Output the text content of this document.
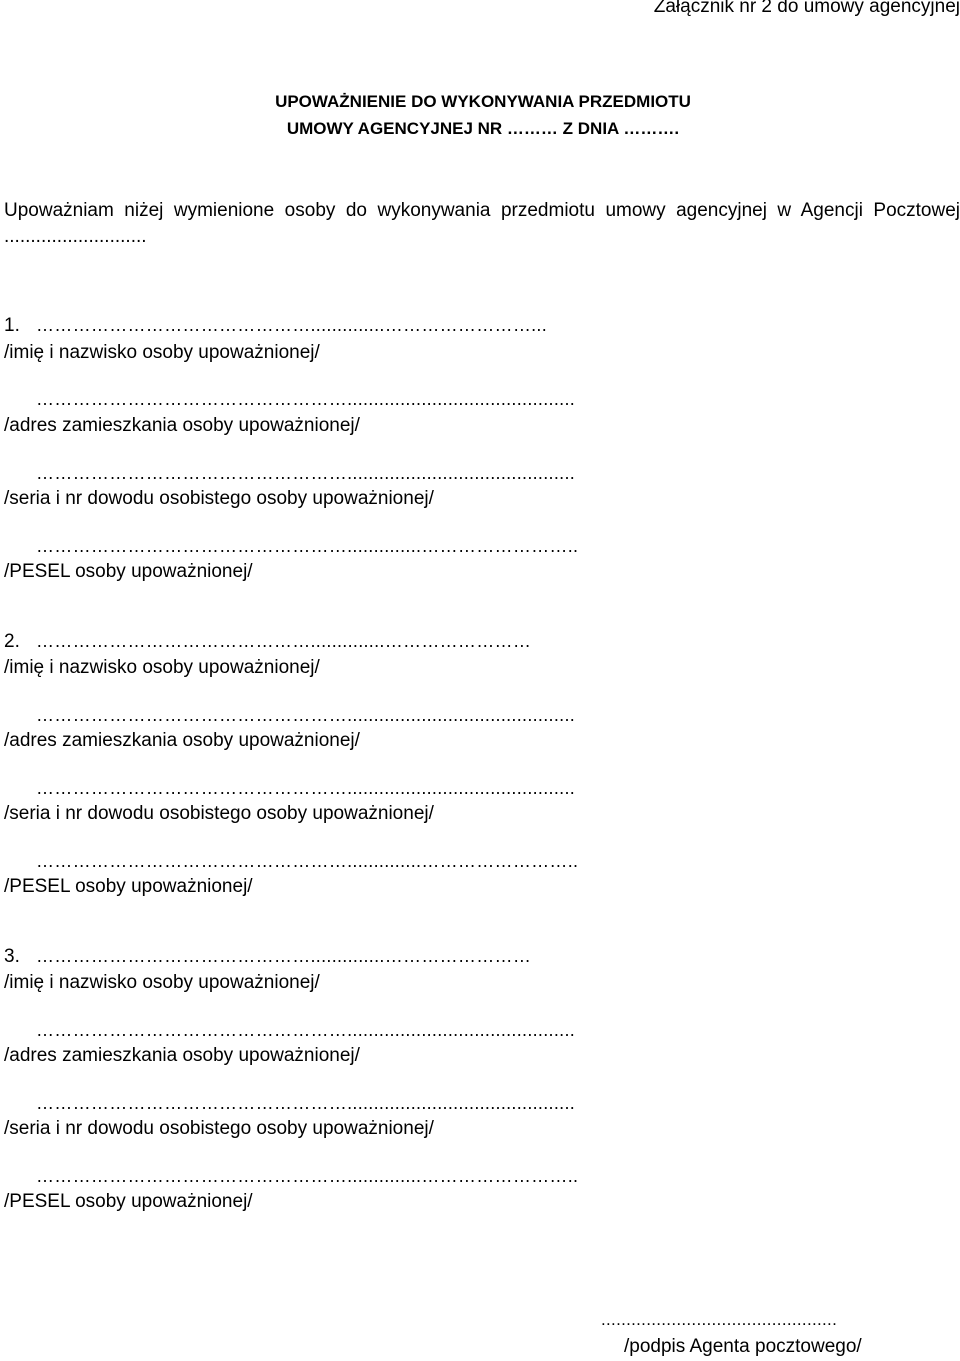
Załącznik nr 2 do umowy agencyjnej
UPOWAŻNIENIE DO WYKONYWANIA PRZEDMIOTU
UMOWY AGENCYJNEJ NR ……… Z DNIA ……….
Upoważniam niżej wymienione osoby do wykonywania przedmiotu umowy agencyjnej w Agencji Pocztowej ...........................
1. ………………………………………..............……………………...
/imię i nazwisko osoby upoważnionej/
……………………………………………...........................................
/adres zamieszkania osoby upoważnionej/
……………………………………………...........................................
/seria i nr dowodu osobistego osoby upoważnionej/
……………………………………………..............……………………..
/PESEL osoby upoważnionej/
2. ………………………………………..............……………………
/imię i nazwisko osoby upoważnionej/
……………………………………………...........................................
/adres zamieszkania osoby upoważnionej/
……………………………………………...........................................
/seria i nr dowodu osobistego osoby upoważnionej/
……………………………………………..............……………………..
/PESEL osoby upoważnionej/
3. ………………………………………..............……………………
/imię i nazwisko osoby upoważnionej/
……………………………………………...........................................
/adres zamieszkania osoby upoważnionej/
……………………………………………...........................................
/seria i nr dowodu osobistego osoby upoważnionej/
……………………………………………..............……………………..
/PESEL osoby upoważnionej/
...............................................
/podpis Agenta pocztowego/
